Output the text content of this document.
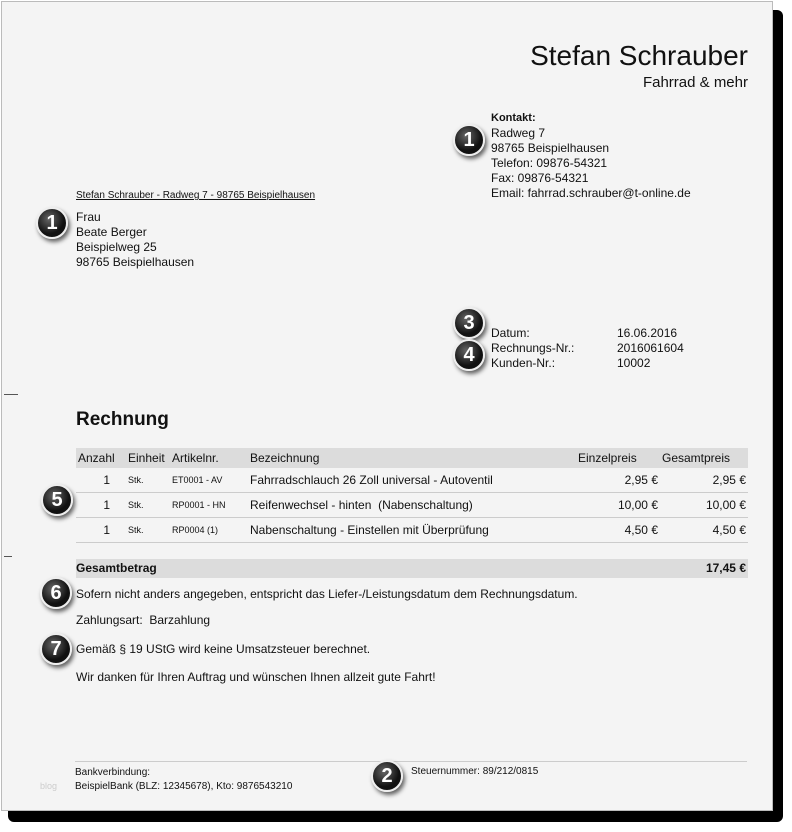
Stefan Schrauber
Fahrrad & mehr
Kontakt:
Radweg 7
98765 Beispielhausen
Telefon: 09876-54321
Fax: 09876-54321
Email: fahrrad.schrauber@t-online.de
Stefan Schrauber - Radweg 7 - 98765 Beispielhausen
Frau
Beate Berger
Beispielweg 25
98765 Beispielhausen
Datum:	16.06.2016
Rechnungs-Nr.:	2016061604
Kunden-Nr.:	10002
Rechnung
Anzahl	Einheit	Artikelnr.	Bezeichnung	Einzelpreis	Gesamtpreis
1	Stk.	ET0001 - AV	Fahrradschlauch 26 Zoll universal - Autoventil	2,95 €	2,95 €
1	Stk.	RP0001 - HN	Reifenwechsel - hinten  (Nabenschaltung)	10,00 €	10,00 €
1	Stk.	RP0004 (1)	Nabenschaltung - Einstellen mit Überprüfung	4,50 €	4,50 €
Gesamtbetrag	17,45 €
Sofern nicht anders angegeben, entspricht das Liefer-/Leistungsdatum dem Rechnungsdatum.
Zahlungsart:  Barzahlung
Gemäß § 19 UStG wird keine Umsatzsteuer berechnet.
Wir danken für Ihren Auftrag und wünschen Ihnen allzeit gute Fahrt!
Bankverbindung:
BeispielBank (BLZ: 12345678), Kto: 9876543210
Steuernummer: 89/212/0815
blog
1
1
3
4
5
6
7
2
